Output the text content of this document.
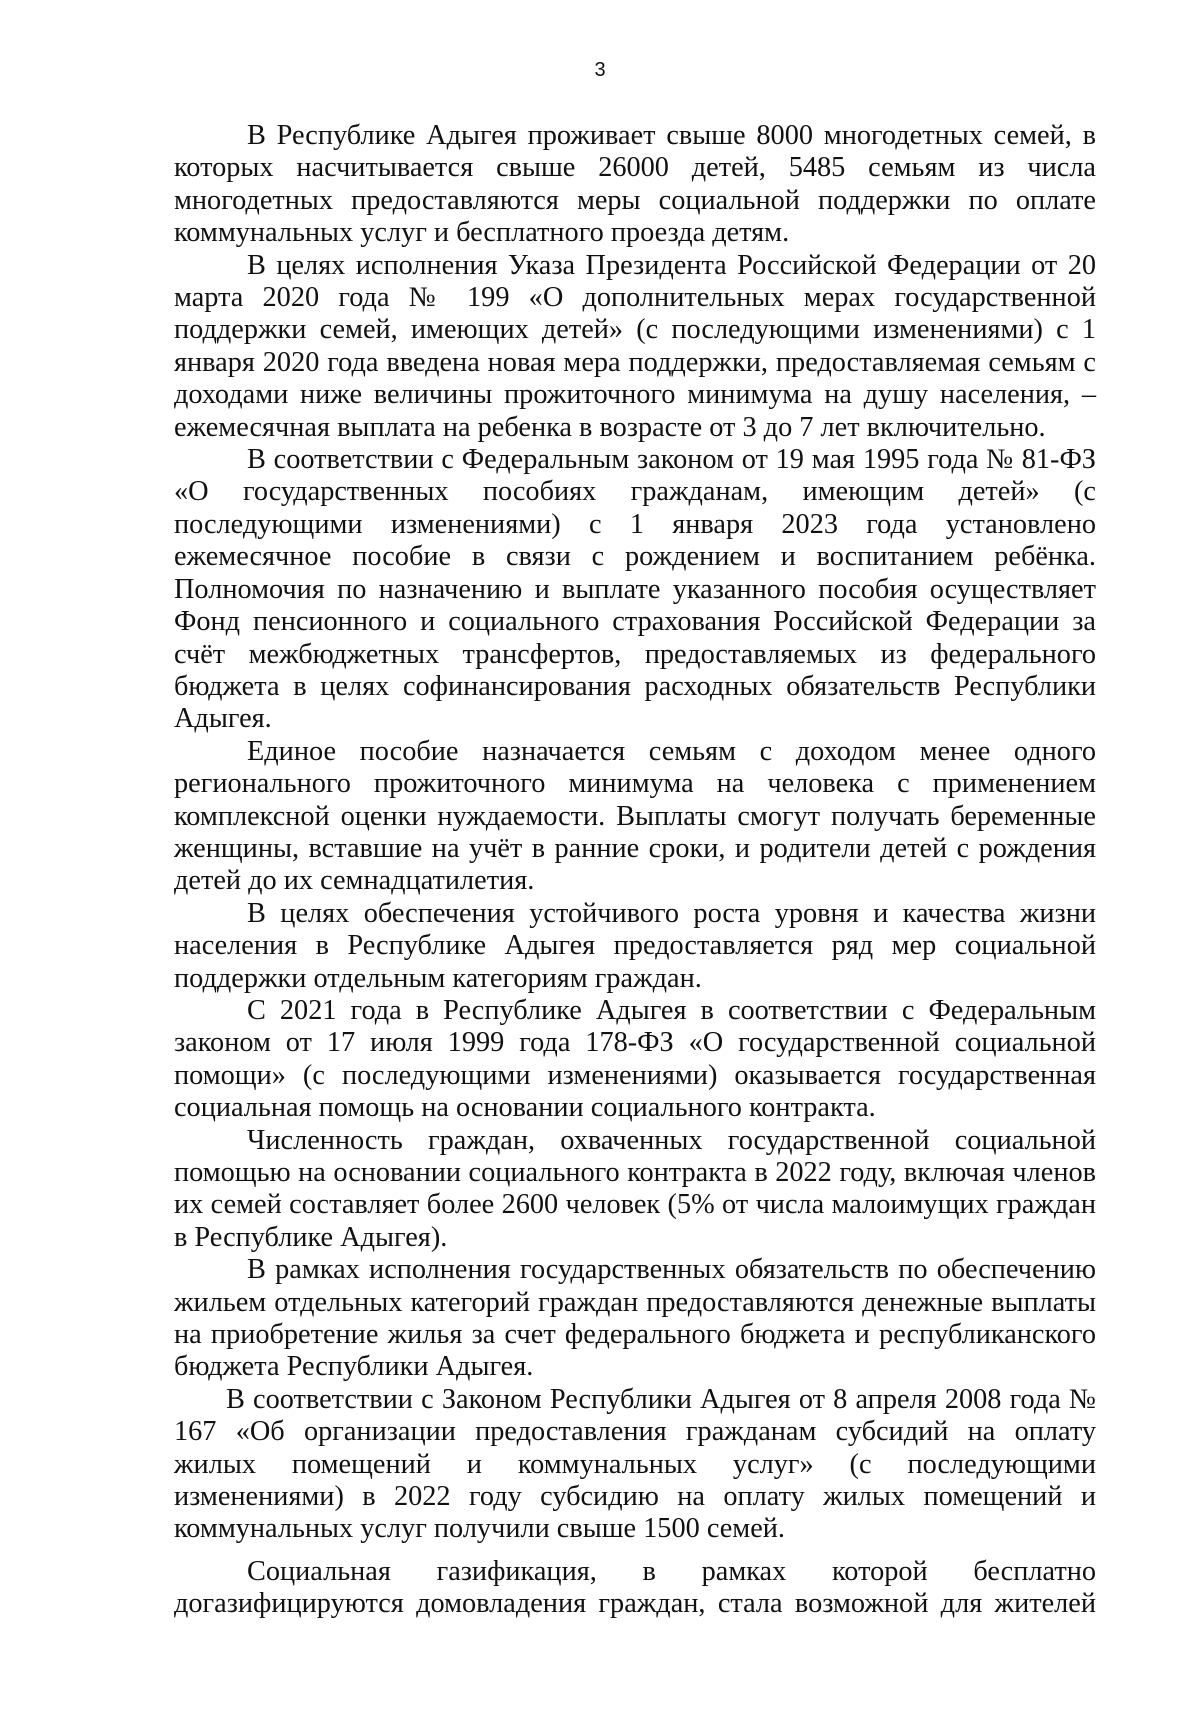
3

В Республике Адыгея проживает свыше 8000 многодетных семей, в которых насчитывается свыше 26000 детей, 5485 семьям из числа многодетных предоставляются меры социальной поддержки по оплате коммунальных услуг и бесплатного проезда детям.

В целях исполнения Указа Президента Российской Федерации от 20 марта 2020 года № 199 «О дополнительных мерах государственной поддержки семей, имеющих детей» (с последующими изменениями) с 1 января 2020 года введена новая мера поддержки, предоставляемая семьям с доходами ниже величины прожиточного минимума на душу населения, – ежемесячная выплата на ребенка в возрасте от 3 до 7 лет включительно.

В соответствии с Федеральным законом от 19 мая 1995 года № 81-ФЗ «О государственных пособиях гражданам, имеющим детей» (с последующими изменениями) с 1 января 2023 года установлено ежемесячное пособие в связи с рождением и воспитанием ребёнка. Полномочия по назначению и выплате указанного пособия осуществляет Фонд пенсионного и социального страхования Российской Федерации за счёт межбюджетных трансфертов, предоставляемых из федерального бюджета в целях софинансирования расходных обязательств Республики Адыгея.

Единое пособие назначается семьям с доходом менее одного регионального прожиточного минимума на человека с применением комплексной оценки нуждаемости. Выплаты смогут получать беременные женщины, вставшие на учёт в ранние сроки, и родители детей с рождения детей до их семнадцатилетия.

В целях обеспечения устойчивого роста уровня и качества жизни населения в Республике Адыгея предоставляется ряд мер социальной поддержки отдельным категориям граждан.

С 2021 года в Республике Адыгея в соответствии с Федеральным законом от 17 июля 1999 года 178-ФЗ «О государственной социальной помощи» (с последующими изменениями) оказывается государственная социальная помощь на основании социального контракта.

Численность граждан, охваченных государственной социальной помощью на основании социального контракта в 2022 году, включая членов их семей составляет более 2600 человек (5% от числа малоимущих граждан в Республике Адыгея).

В рамках исполнения государственных обязательств по обеспечению жильем отдельных категорий граждан предоставляются денежные выплаты на приобретение жилья за счет федерального бюджета и республиканского бюджета Республики Адыгея.

В соответствии с Законом Республики Адыгея от 8 апреля 2008 года № 167 «Об организации предоставления гражданам субсидий на оплату жилых помещений и коммунальных услуг» (с последующими изменениями) в 2022 году субсидию на оплату жилых помещений и коммунальных услуг получили свыше 1500 семей.

Социальная газификация, в рамках которой бесплатно догазифицируются домовладения граждан, стала возможной для жителей
